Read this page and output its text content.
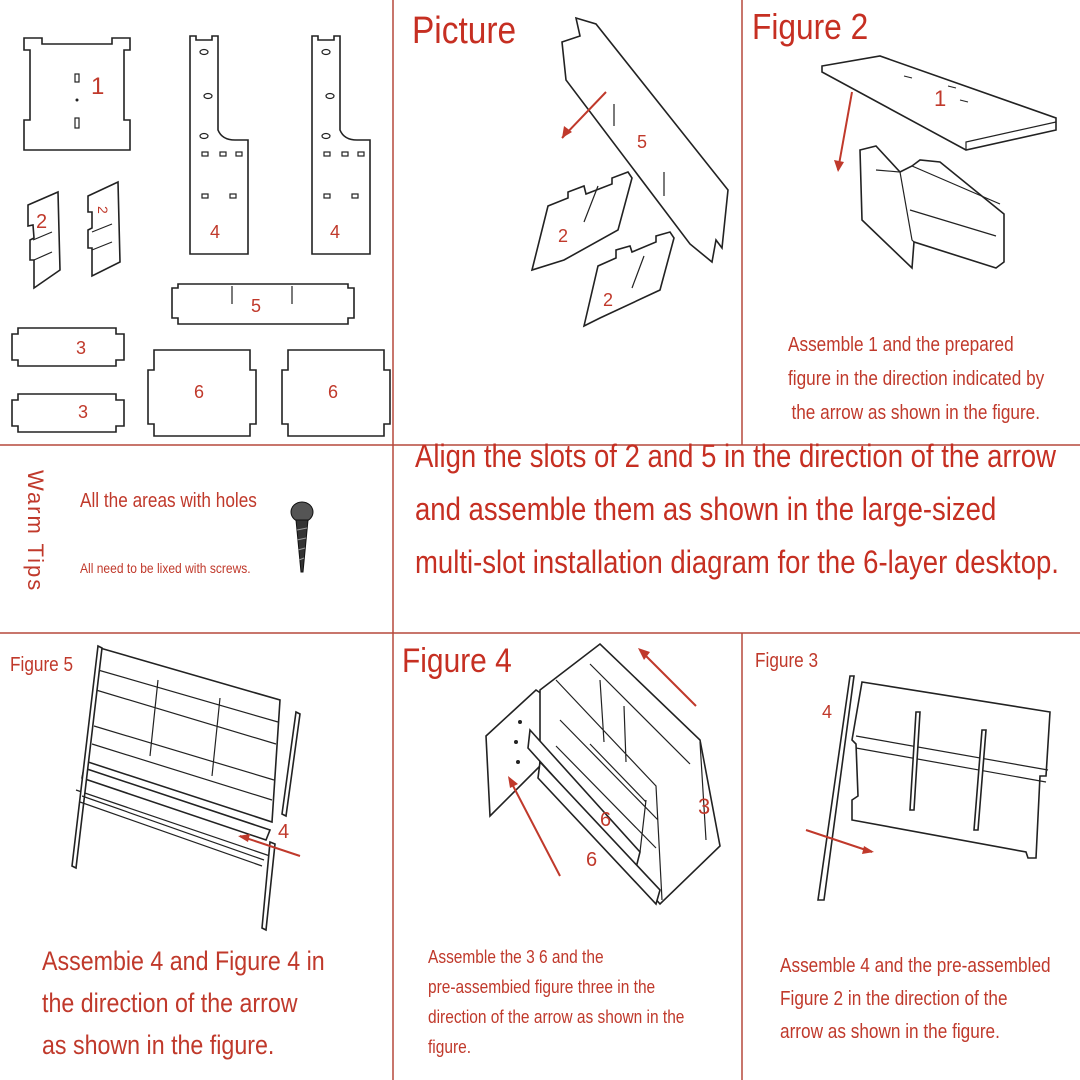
1
2
2
4	4
5
3
3
6	6
Picture
5
2
2
Figure 2
1
Assemble 1 and the prepared
figure in the direction indicated by
the arrow as shown in the figure.
Warm Tips All the areas with holes
All need to be lixed with screws.
Align the slots of 2 and 5 in the direction of the arrow
and assemble them as shown in the large-sized
multi-slot installation diagram for the 6-layer desktop.
Figure 5
4
Assembie 4 and Figure 4 in
the direction of the arrow
as shown in the figure.
Figure 4
6
6
3
Assemble the 3 6 and the
pre-assembied figure three in the
direction of the arrow as shown in the
figure.
Figure 3
4
Assemble 4 and the pre-assembled
Figure 2 in the direction of the
arrow as shown in the figure.
